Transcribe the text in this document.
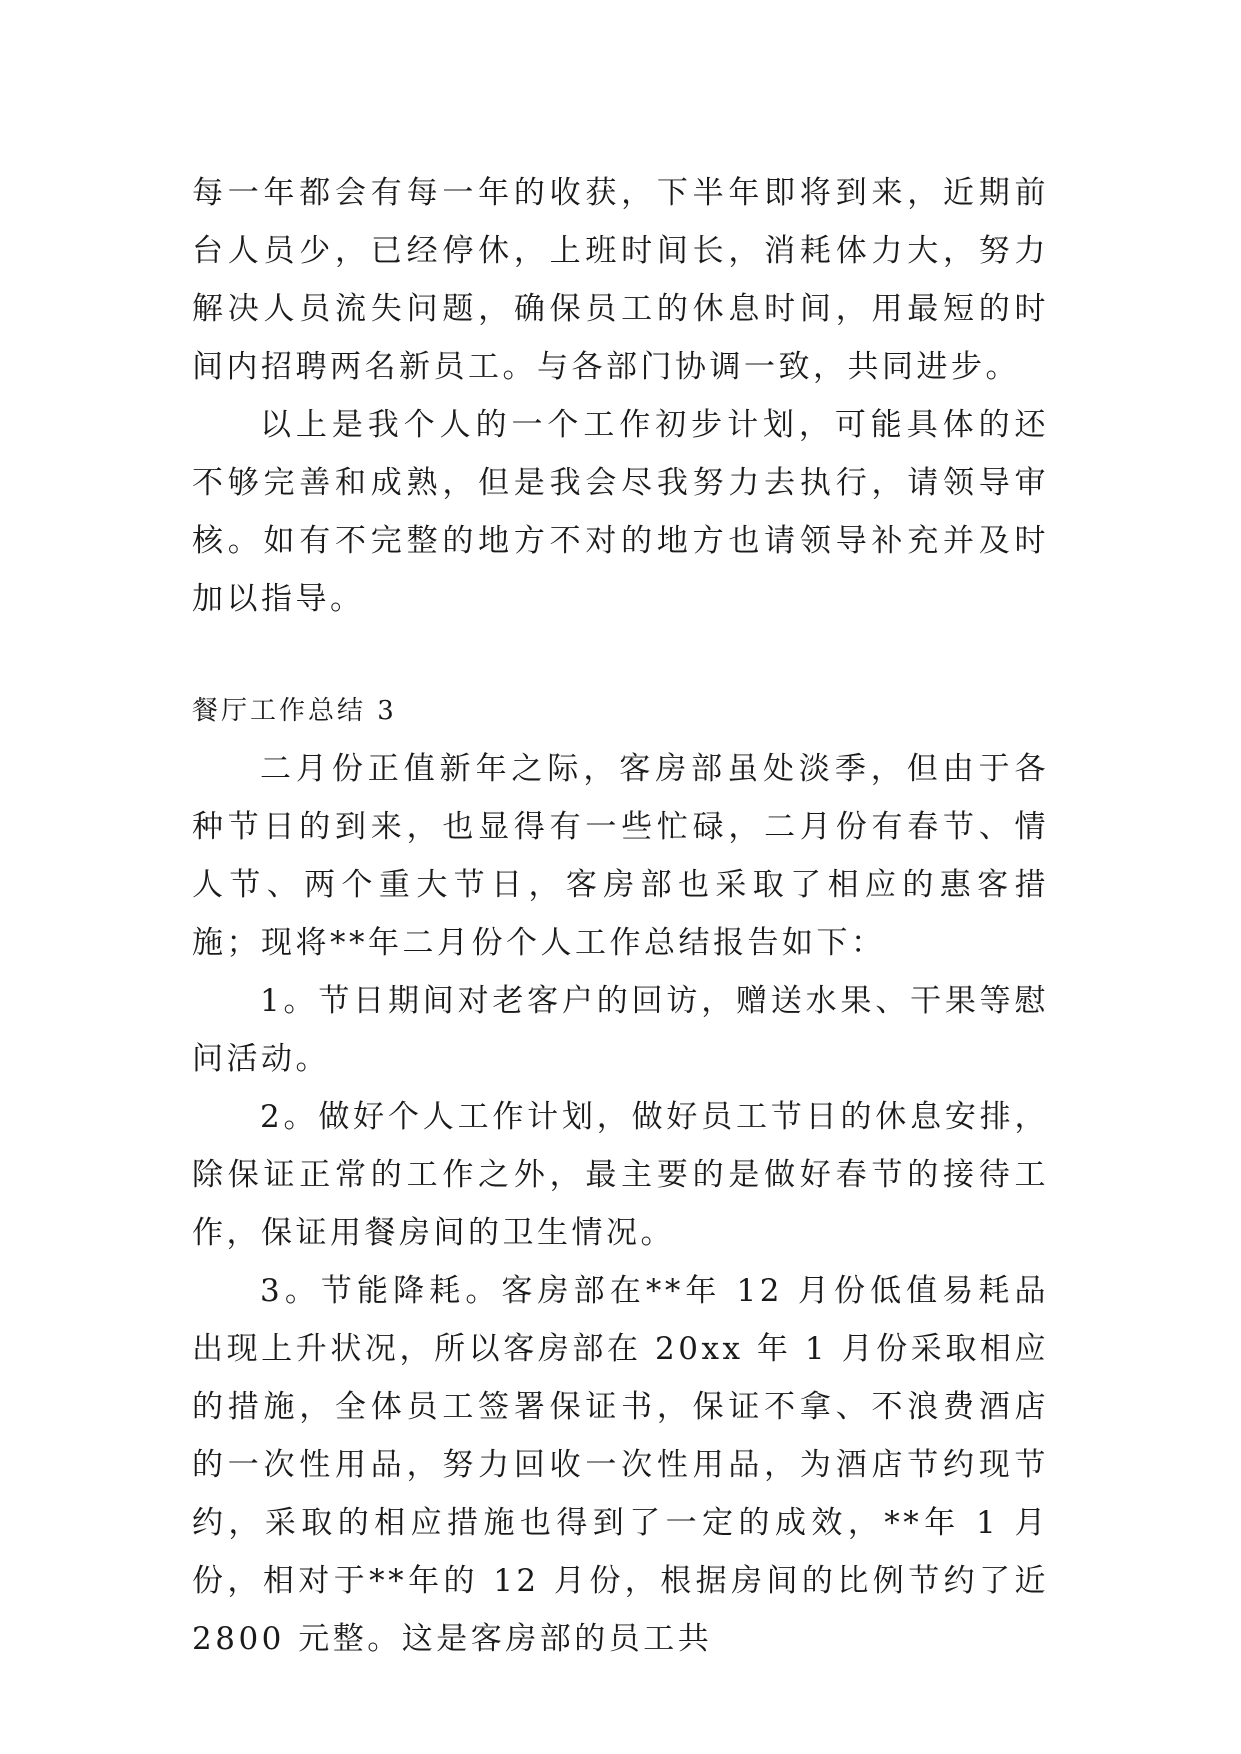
每一年都会有每一年的收获，下半年即将到来，近期前台人员少，已经停休，上班时间长，消耗体力大，努力解决人员流失问题，确保员工的休息时间，用最短的时间内招聘两名新员工。与各部门协调一致，共同进步。

以上是我个人的一个工作初步计划，可能具体的还不够完善和成熟，但是我会尽我努力去执行，请领导审核。如有不完整的地方不对的地方也请领导补充并及时加以指导。

餐厅工作总结 3

二月份正值新年之际，客房部虽处淡季，但由于各种节日的到来，也显得有一些忙碌，二月份有春节、情人节、两个重大节日，客房部也采取了相应的惠客措施；现将**年二月份个人工作总结报告如下：

1。节日期间对老客户的回访，赠送水果、干果等慰问活动。

2。做好个人工作计划，做好员工节日的休息安排，除保证正常的工作之外，最主要的是做好春节的接待工作，保证用餐房间的卫生情况。

3。节能降耗。客房部在**年 12 月份低值易耗品出现上升状况，所以客房部在 20xx 年 1 月份采取相应的措施，全体员工签署保证书，保证不拿、不浪费酒店的一次性用品，努力回收一次性用品，为酒店节约现节约，采取的相应措施也得到了一定的成效，**年 1 月份，相对于**年的 12 月份，根据房间的比例节约了近 2800 元整。这是客房部的员工共
